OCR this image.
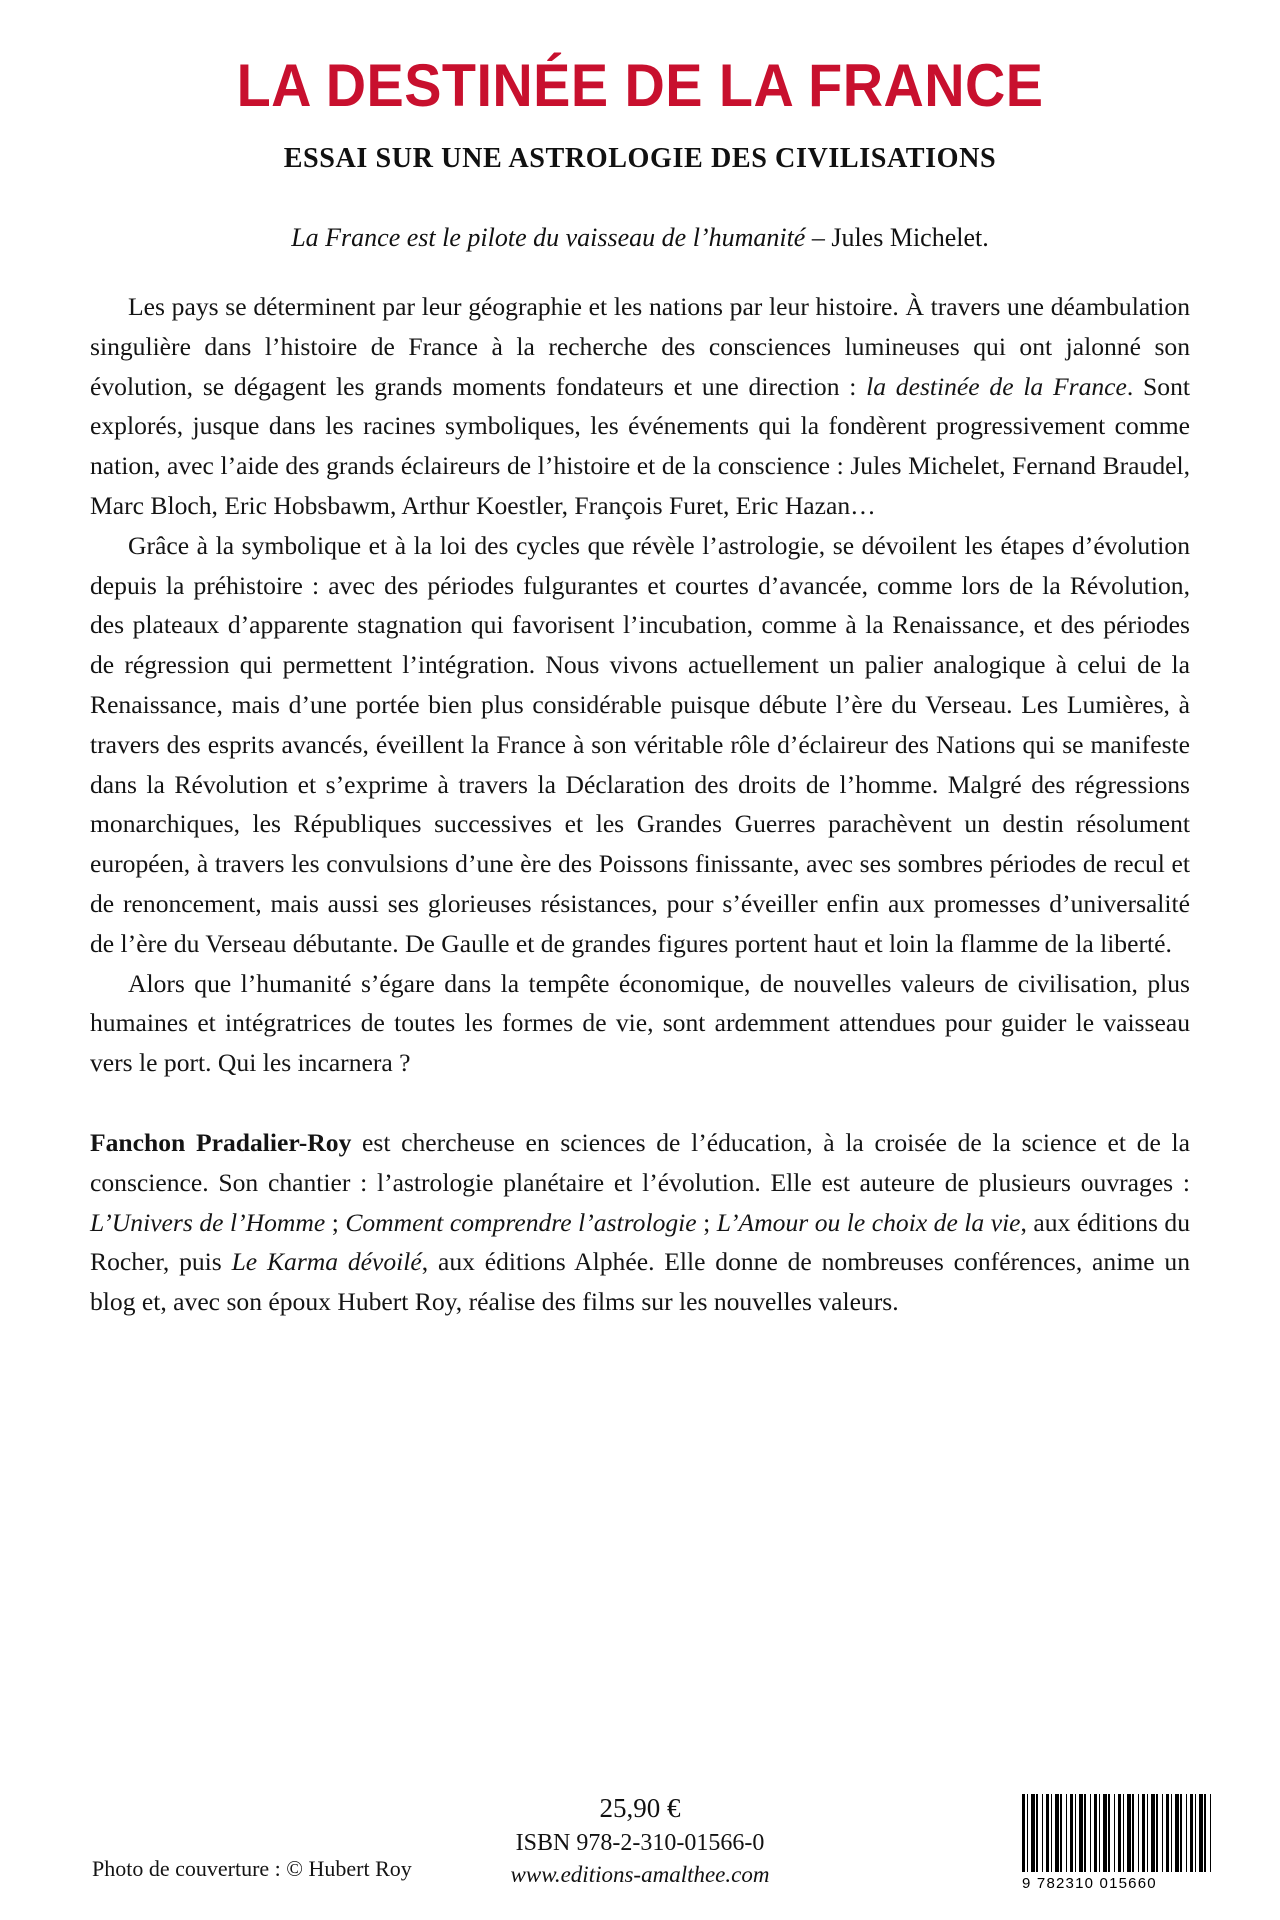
LA DESTINÉE DE LA FRANCE
ESSAI SUR UNE ASTROLOGIE DES CIVILISATIONS

La France est le pilote du vaisseau de l’humanité – Jules Michelet.

Les pays se déterminent par leur géographie et les nations par leur histoire. À travers une déambulation singulière dans l’histoire de France à la recherche des consciences lumineuses qui ont jalonné son évolution, se dégagent les grands moments fondateurs et une direction : la destinée de la France. Sont explorés, jusque dans les racines symboliques, les événements qui la fondèrent progressivement comme nation, avec l’aide des grands éclaireurs de l’histoire et de la conscience : Jules Michelet, Fernand Braudel, Marc Bloch, Eric Hobsbawm, Arthur Koestler, François Furet, Eric Hazan…

Grâce à la symbolique et à la loi des cycles que révèle l’astrologie, se dévoilent les étapes d’évolution depuis la préhistoire : avec des périodes fulgurantes et courtes d’avancée, comme lors de la Révolution, des plateaux d’apparente stagnation qui favorisent l’incubation, comme à la Renaissance, et des périodes de régression qui permettent l’intégration. Nous vivons actuellement un palier analogique à celui de la Renaissance, mais d’une portée bien plus considérable puisque débute l’ère du Verseau. Les Lumières, à travers des esprits avancés, éveillent la France à son véritable rôle d’éclaireur des Nations qui se manifeste dans la Révolution et s’exprime à travers la Déclaration des droits de l’homme. Malgré des régressions monarchiques, les Républiques successives et les Grandes Guerres parachèvent un destin résolument européen, à travers les convulsions d’une ère des Poissons finissante, avec ses sombres périodes de recul et de renoncement, mais aussi ses glorieuses résistances, pour s’éveiller enfin aux promesses d’universalité de l’ère du Verseau débutante. De Gaulle et de grandes figures portent haut et loin la flamme de la liberté.

Alors que l’humanité s’égare dans la tempête économique, de nouvelles valeurs de civilisation, plus humaines et intégratrices de toutes les formes de vie, sont ardemment attendues pour guider le vaisseau vers le port. Qui les incarnera ?

Fanchon Pradalier-Roy est chercheuse en sciences de l’éducation, à la croisée de la science et de la conscience. Son chantier : l’astrologie planétaire et l’évolution. Elle est auteure de plusieurs ouvrages : L’Univers de l’Homme ; Comment comprendre l’astrologie ; L’Amour ou le choix de la vie, aux éditions du Rocher, puis Le Karma dévoilé, aux éditions Alphée. Elle donne de nombreuses conférences, anime un blog et, avec son époux Hubert Roy, réalise des films sur les nouvelles valeurs.

Photo de couverture : © Hubert Roy
25,90 €
ISBN 978-2-310-01566-0
www.editions-amalthee.com	9 782310 015660
